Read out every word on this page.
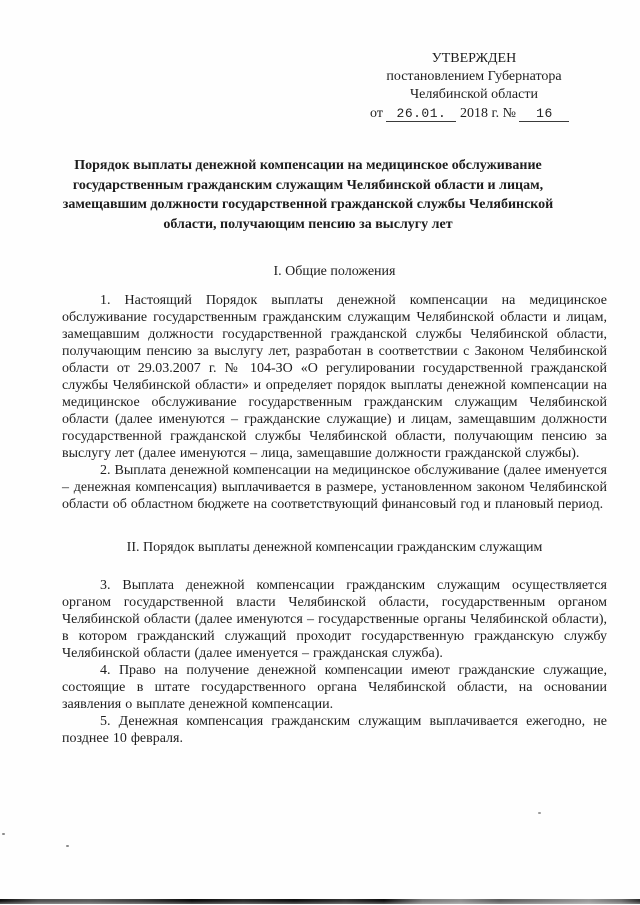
УТВЕРЖДЕН
постановлением Губернатора
Челябинской области
от 26.01. 2018 г. № 16
Порядок выплаты денежной компенсации на медицинское обслуживание государственным гражданским служащим Челябинской области и лицам, замещавшим должности государственной гражданской службы Челябинской области, получающим пенсию за выслугу лет
I. Общие положения

1. Настоящий Порядок выплаты денежной компенсации на медицинское обслуживание государственным гражданским служащим Челябинской области и лицам, замещавшим должности государственной гражданской службы Челябинской области, получающим пенсию за выслугу лет, разработан в соответствии с Законом Челябинской области от 29.03.2007 г. № 104-ЗО «О регулировании государственной гражданской службы Челябинской области» и определяет порядок выплаты денежной компенсации на медицинское обслуживание государственным гражданским служащим Челябинской области (далее именуются – гражданские служащие) и лицам, замещавшим должности государственной гражданской службы Челябинской области, получающим пенсию за выслугу лет (далее именуются – лица, замещавшие должности гражданской службы).

2. Выплата денежной компенсации на медицинское обслуживание (далее именуется – денежная компенсация) выплачивается в размере, установленном законом Челябинской области об областном бюджете на соответствующий финансовый год и плановый период.

II. Порядок выплаты денежной компенсации гражданским служащим

3. Выплата денежной компенсации гражданским служащим осуществляется органом государственной власти Челябинской области, государственным органом Челябинской области (далее именуются – государственные органы Челябинской области), в котором гражданский служащий проходит государственную гражданскую службу Челябинской области (далее именуется – гражданская служба).

4. Право на получение денежной компенсации имеют гражданские служащие, состоящие в штате государственного органа Челябинской области, на основании заявления о выплате денежной компенсации.

5. Денежная компенсация гражданским служащим выплачивается ежегодно, не позднее 10 февраля.
